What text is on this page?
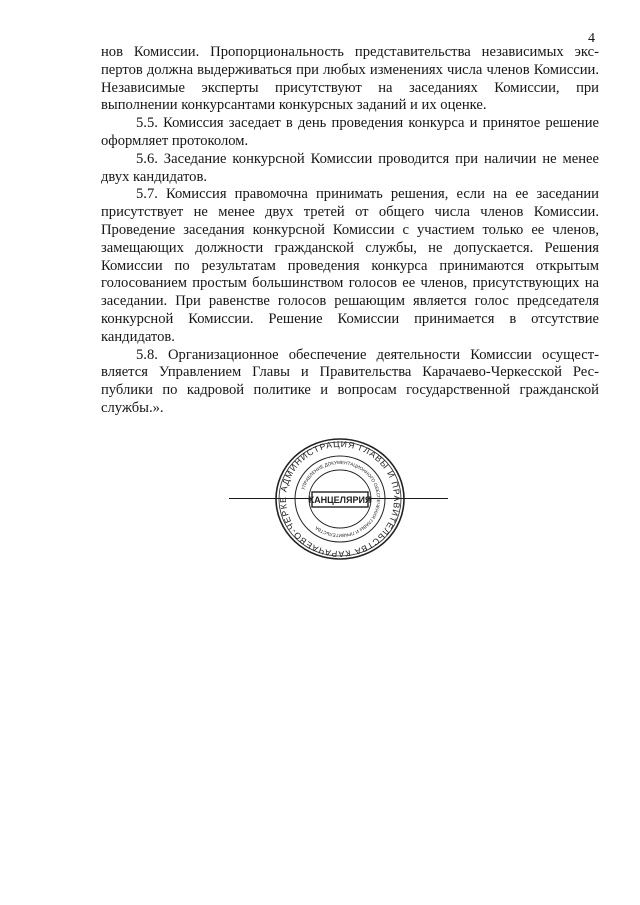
4

нов Комиссии. Пропорциональность представительства независимых экспертов должна выдерживаться при любых изменениях числа членов Комиссии. Независимые эксперты присутствуют на заседаниях Комиссии, при выполнении конкурсантами конкурсных заданий и их оценке.

5.5. Комиссия заседает в день проведения конкурса и принятое решение оформляет протоколом.

5.6. Заседание конкурсной Комиссии проводится при наличии не менее двух кандидатов.

5.7. Комиссия правомочна принимать решения, если на ее заседании присутствует не менее двух третей от общего числа членов Комиссии. Проведение заседания конкурсной Комиссии с участием только ее членов, замещающих должности гражданской службы, не допускается. Решения Комиссии по результатам проведения конкурса принимаются открытым голосованием простым большинством голосов ее членов, присутствующих на заседании. При равенстве голосов решающим является голос председателя конкурсной Комиссии. Решение Комиссии принимается в отсутствие кандидатов.

5.8. Организационное обеспечение деятельности Комиссии осуществляется Управлением Главы и Правительства Карачаево-Черкесской Республики по кадровой политике и вопросам государственной гражданской службы.».

АДМИНИСТРАЦИЯ ГЛАВЫ И ПРАВИТЕЛЬСТВА КАРАЧАЕВО-ЧЕРКЕ
УПРАВЛЕНИЕ ДОКУМЕНТАЦИОННОГО ОБЕСПЕЧЕНИЯ ГЛАВЫ И ПРАВИТЕЛЬСТВА
КАНЦЕЛЯРИЯ
